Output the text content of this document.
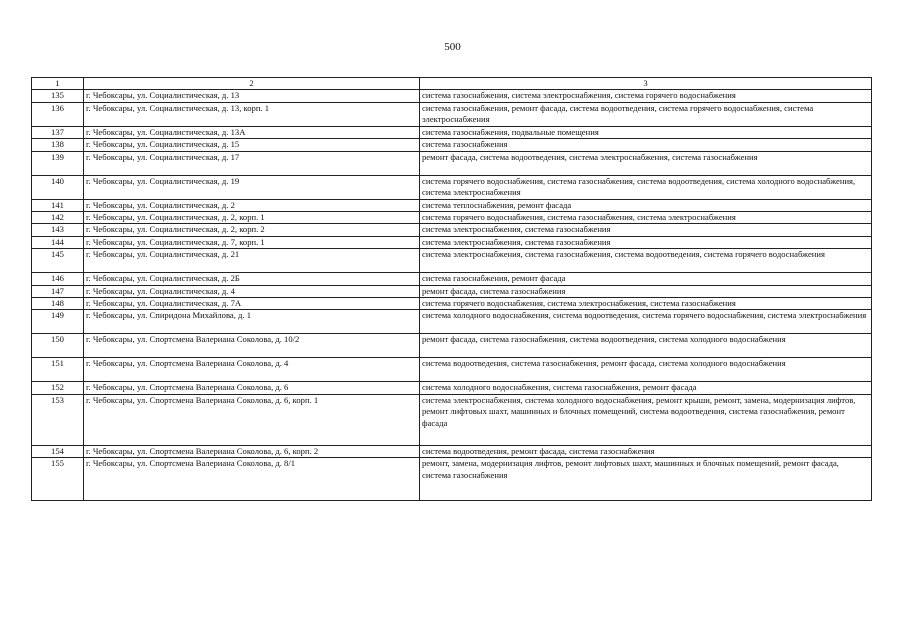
500
1	2	3
135	г. Чебоксары, ул. Социалистическая, д. 13	система газоснабжения, система электроснабжения, система горячего водоснабжения
136	г. Чебоксары, ул. Социалистическая, д. 13, корп. 1	система газоснабжения, ремонт фасада, система водоотведения, система горячего водоснабжения, система электроснабжения
137	г. Чебоксары, ул. Социалистическая, д. 13А	система газоснабжения, подвальные помещения
138	г. Чебоксары, ул. Социалистическая, д. 15	система газоснабжения
139	г. Чебоксары, ул. Социалистическая, д. 17	ремонт фасада, система водоотведения, система электроснабжения, система газоснабжения
140	г. Чебоксары, ул. Социалистическая, д. 19	система горячего водоснабжения, система газоснабжения, система водоотведения, система холодного водоснабжения, система электроснабжения
141	г. Чебоксары, ул. Социалистическая, д. 2	система теплоснабжения, ремонт фасада
142	г. Чебоксары, ул. Социалистическая, д. 2, корп. 1	система горячего водоснабжения, система газоснабжения, система электроснабжения
143	г. Чебоксары, ул. Социалистическая, д. 2, корп. 2	система электроснабжения, система газоснабжения
144	г. Чебоксары, ул. Социалистическая, д. 7, корп. 1	система электроснабжения, система газоснабжения
145	г. Чебоксары, ул. Социалистическая, д. 21	система электроснабжения, система газоснабжения, система водоотведения, система горячего водоснабжения
146	г. Чебоксары, ул. Социалистическая, д. 2Б	система газоснабжения, ремонт фасада
147	г. Чебоксары, ул. Социалистическая, д. 4	ремонт фасада, система газоснабжения
148	г. Чебоксары, ул. Социалистическая, д. 7А	система горячего водоснабжения, система электроснабжения, система газоснабжения
149	г. Чебоксары, ул. Спиридона Михайлова, д. 1	система холодного водоснабжения, система водоотведения, система горячего водоснабжения, система электроснабжения
150	г. Чебоксары, ул. Спортсмена Валериана Соколова, д. 10/2	ремонт фасада, система газоснабжения, система водоотведения, система холодного водоснабжения
151	г. Чебоксары, ул. Спортсмена Валериана Соколова, д. 4	система водоотведения, система газоснабжения, ремонт фасада, система холодного водоснабжения
152	г. Чебоксары, ул. Спортсмена Валериана Соколова, д. 6	система холодного водоснабжения, система газоснабжения, ремонт фасада
153	г. Чебоксары, ул. Спортсмена Валериана Соколова, д. 6, корп. 1	система электроснабжения, система холодного водоснабжения, ремонт крыши, ремонт, замена, модернизация лифтов, ремонт лифтовых шахт, машинных и блочных помещений, система водоотведения, система газоснабжения, ремонт фасада
154	г. Чебоксары, ул. Спортсмена Валериана Соколова, д. 6, корп. 2	система водоотведения, ремонт фасада, система газоснабжения
155	г. Чебоксары, ул. Спортсмена Валериана Соколова, д. 8/1	ремонт, замена, модернизация лифтов, ремонт лифтовых шахт, машинных и блочных помещений, ремонт фасада, система газоснабжения
